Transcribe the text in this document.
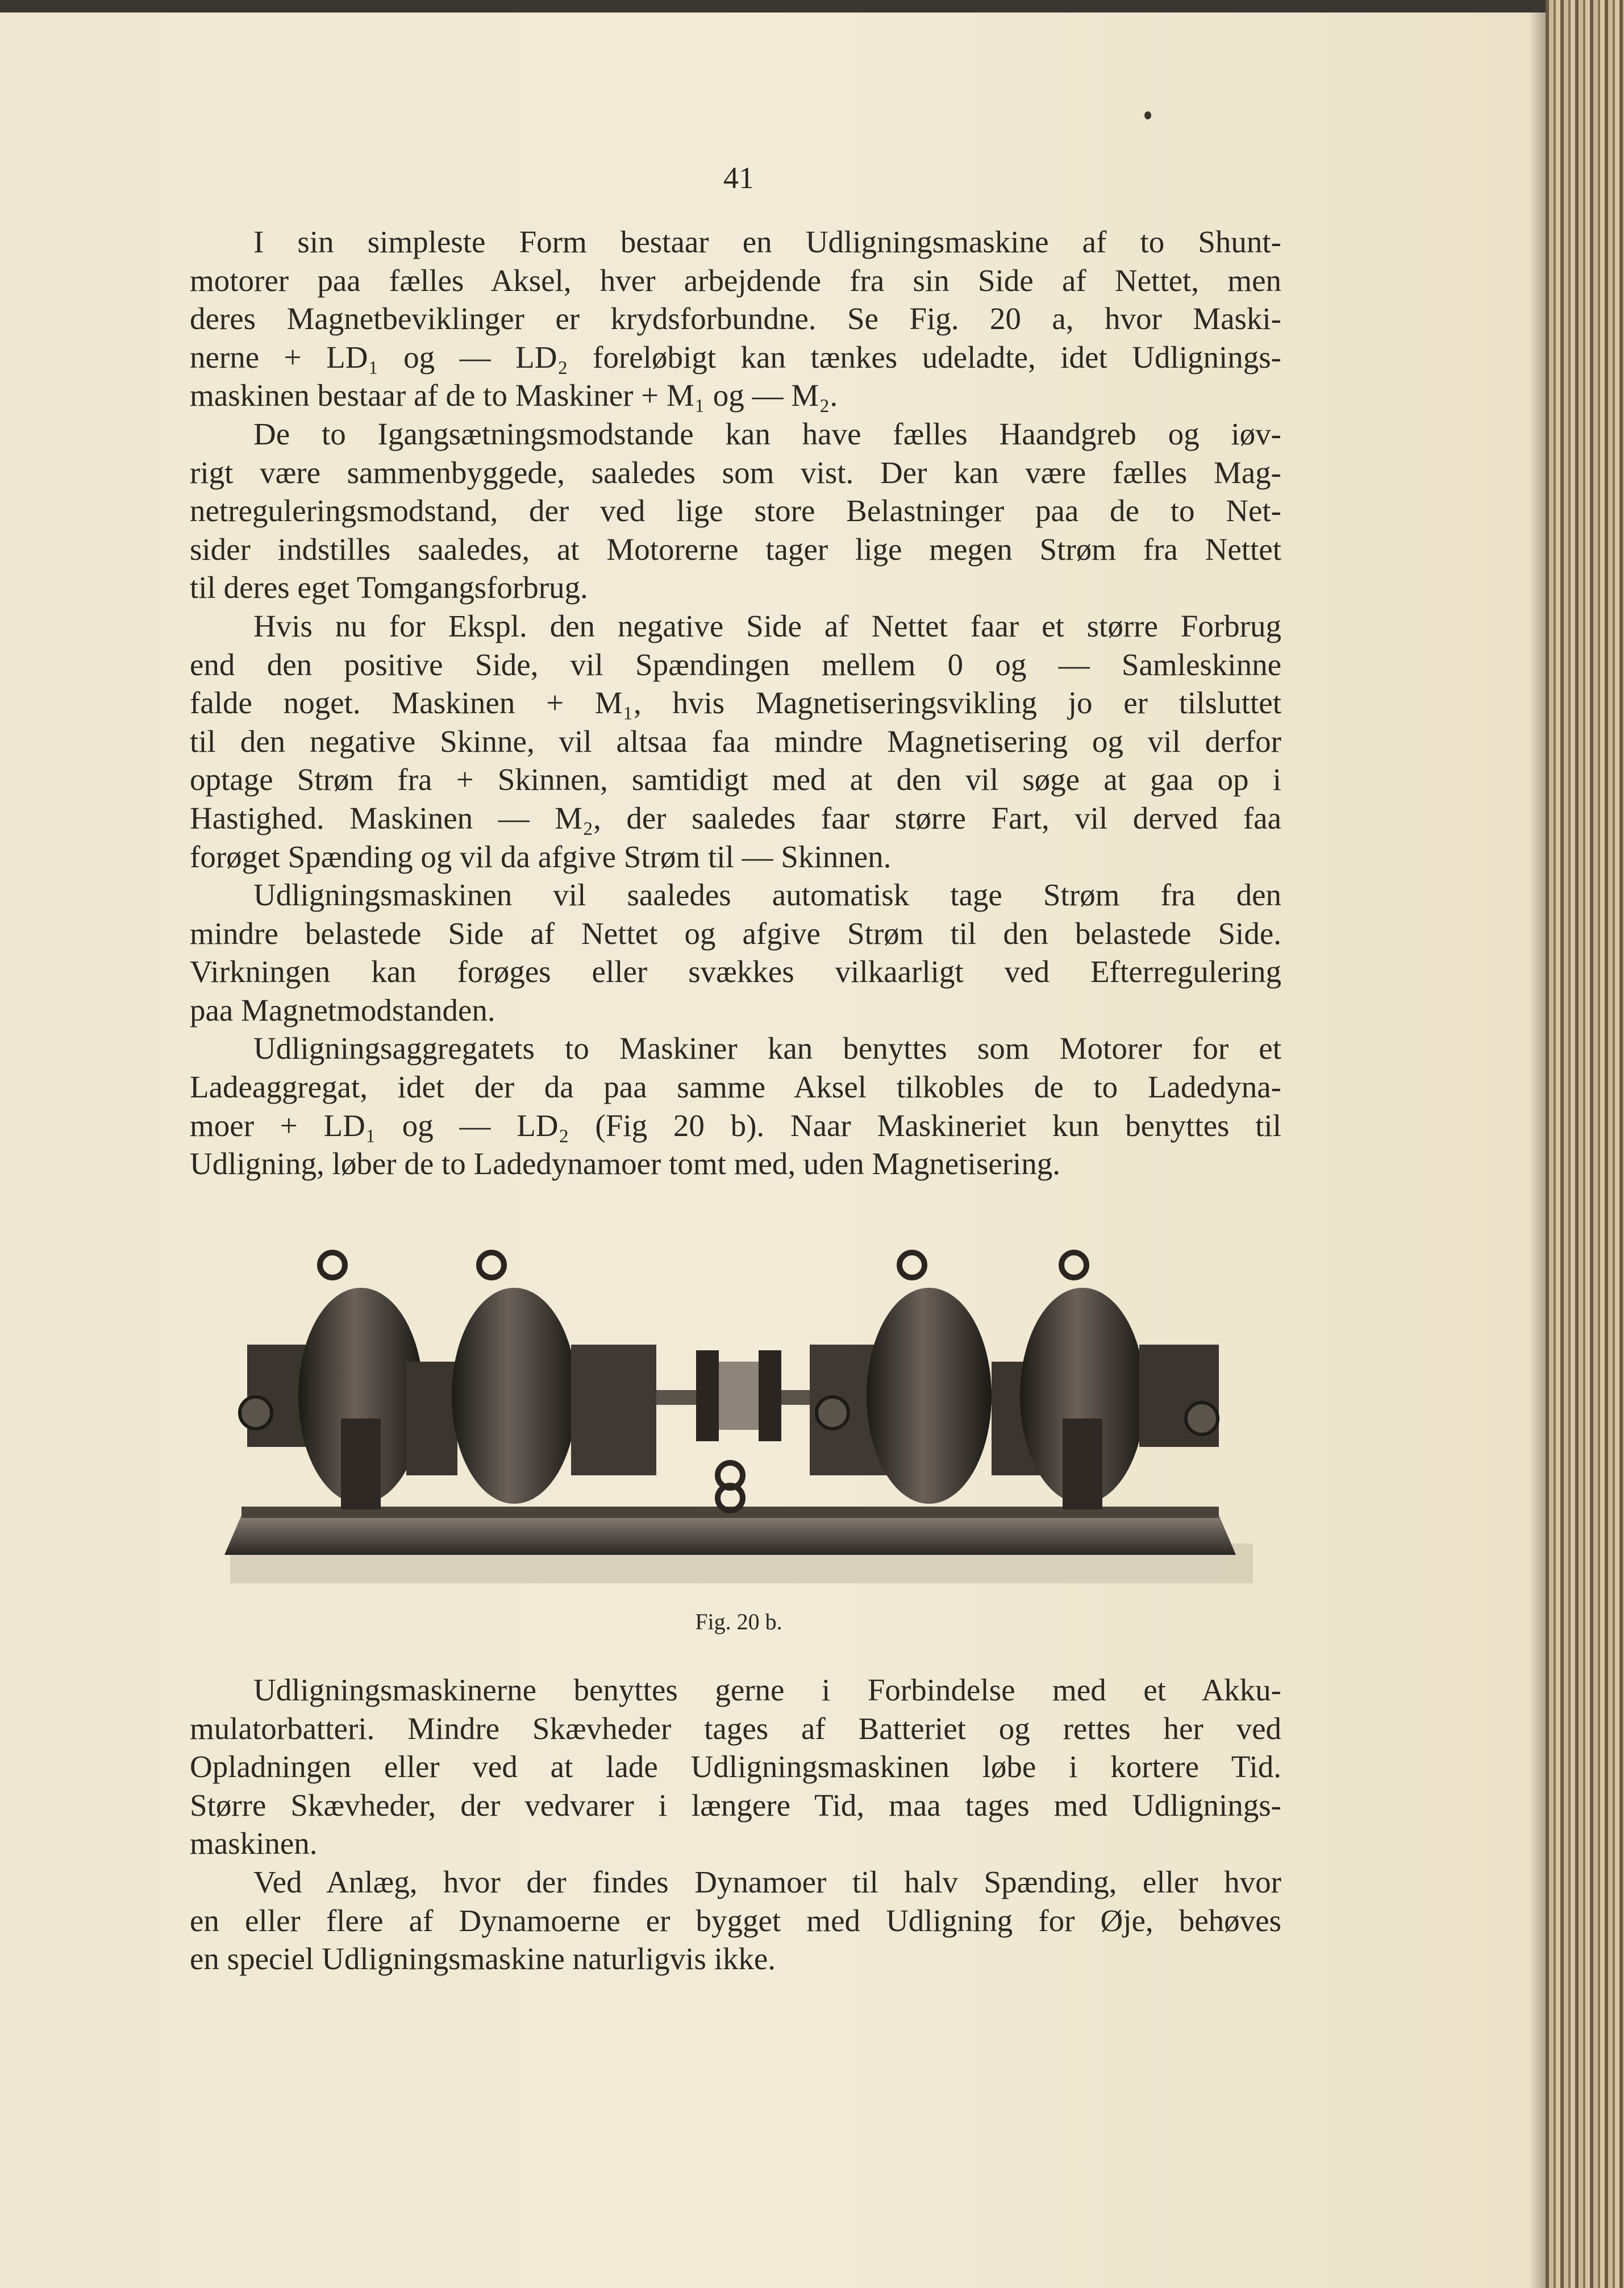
41
I sin simpleste Form bestaar en Udligningsmaskine af to Shunt-
motorer paa fælles Aksel, hver arbejdende fra sin Side af Nettet, men
deres Magnetbeviklinger er krydsforbundne. Se Fig. 20 a, hvor Maski-
nerne + LD₁ og — LD₂ foreløbigt kan tænkes udeladte, idet Udlignings-
maskinen bestaar af de to Maskiner + M₁ og — M₂.
De to Igangsætningsmodstande kan have fælles Haandgreb og iøv-
rigt være sammenbyggede, saaledes som vist. Der kan være fælles Mag-
netreguleringsmodstand, der ved lige store Belastninger paa de to Net-
sider indstilles saaledes, at Motorerne tager lige megen Strøm fra Nettet
til deres eget Tomgangsforbrug.
Hvis nu for Ekspl. den negative Side af Nettet faar et større Forbrug
end den positive Side, vil Spændingen mellem 0 og — Samleskinne
falde noget. Maskinen + M₁, hvis Magnetiseringsvikling jo er tilsluttet
til den negative Skinne, vil altsaa faa mindre Magnetisering og vil derfor
optage Strøm fra + Skinnen, samtidigt med at den vil søge at gaa op i
Hastighed. Maskinen — M₂, der saaledes faar større Fart, vil derved faa
forøget Spænding og vil da afgive Strøm til — Skinnen.
Udligningsmaskinen vil saaledes automatisk tage Strøm fra den
mindre belastede Side af Nettet og afgive Strøm til den belastede Side.
Virkningen kan forøges eller svækkes vilkaarligt ved Efterregulering
paa Magnetmodstanden.
Udligningsaggregatets to Maskiner kan benyttes som Motorer for et
Ladeaggregat, idet der da paa samme Aksel tilkobles de to Ladedyna-
moer + LD₁ og — LD₂ (Fig 20 b). Naar Maskineriet kun benyttes til
Udligning, løber de to Ladedynamoer tomt med, uden Magnetisering.
Fig. 20 b.
Udligningsmaskinerne benyttes gerne i Forbindelse med et Akku-
mulatorbatteri. Mindre Skævheder tages af Batteriet og rettes her ved
Opladningen eller ved at lade Udligningsmaskinen løbe i kortere Tid.
Større Skævheder, der vedvarer i længere Tid, maa tages med Udlignings-
maskinen.
Ved Anlæg, hvor der findes Dynamoer til halv Spænding, eller hvor
en eller flere af Dynamoerne er bygget med Udligning for Øje, behøves
en speciel Udligningsmaskine naturligvis ikke.
